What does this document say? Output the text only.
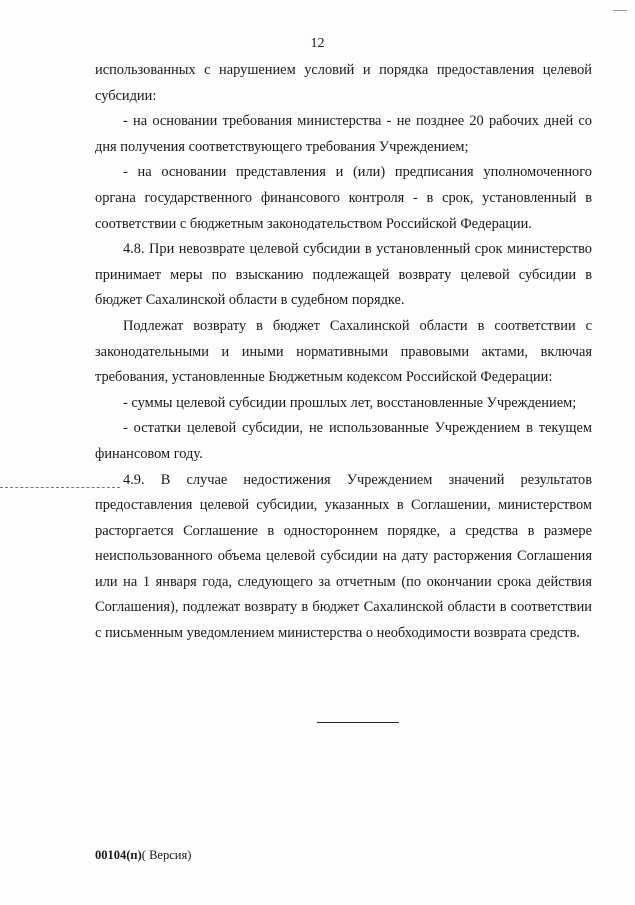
12

использованных с нарушением условий и порядка предоставления целевой субсидии:

- на основании требования министерства - не позднее 20 рабочих дней со дня получения соответствующего требования Учреждением;

- на основании представления и (или) предписания уполномоченного органа государственного финансового контроля - в срок, установленный в соответствии с бюджетным законодательством Российской Федерации.

4.8. При невозврате целевой субсидии в установленный срок министерство принимает меры по взысканию подлежащей возврату целевой субсидии в бюджет Сахалинской области в судебном порядке.

Подлежат возврату в бюджет Сахалинской области в соответствии с законодательными и иными нормативными правовыми актами, включая требования, установленные Бюджетным кодексом Российской Федерации:

- суммы целевой субсидии прошлых лет, восстановленные Учреждением;

- остатки целевой субсидии, не использованные Учреждением в текущем финансовом году.

4.9. В случае недостижения Учреждением значений результатов предоставления целевой субсидии, указанных в Соглашении, министерством расторгается Соглашение в одностороннем порядке, а средства в размере неиспользованного объема целевой субсидии на дату расторжения Соглашения или на 1 января года, следующего за отчетным (по окончании срока действия Соглашения), подлежат возврату в бюджет Сахалинской области в соответствии с письменным уведомлением министерства о необходимости возврата средств.

00104(п)( Версия)
